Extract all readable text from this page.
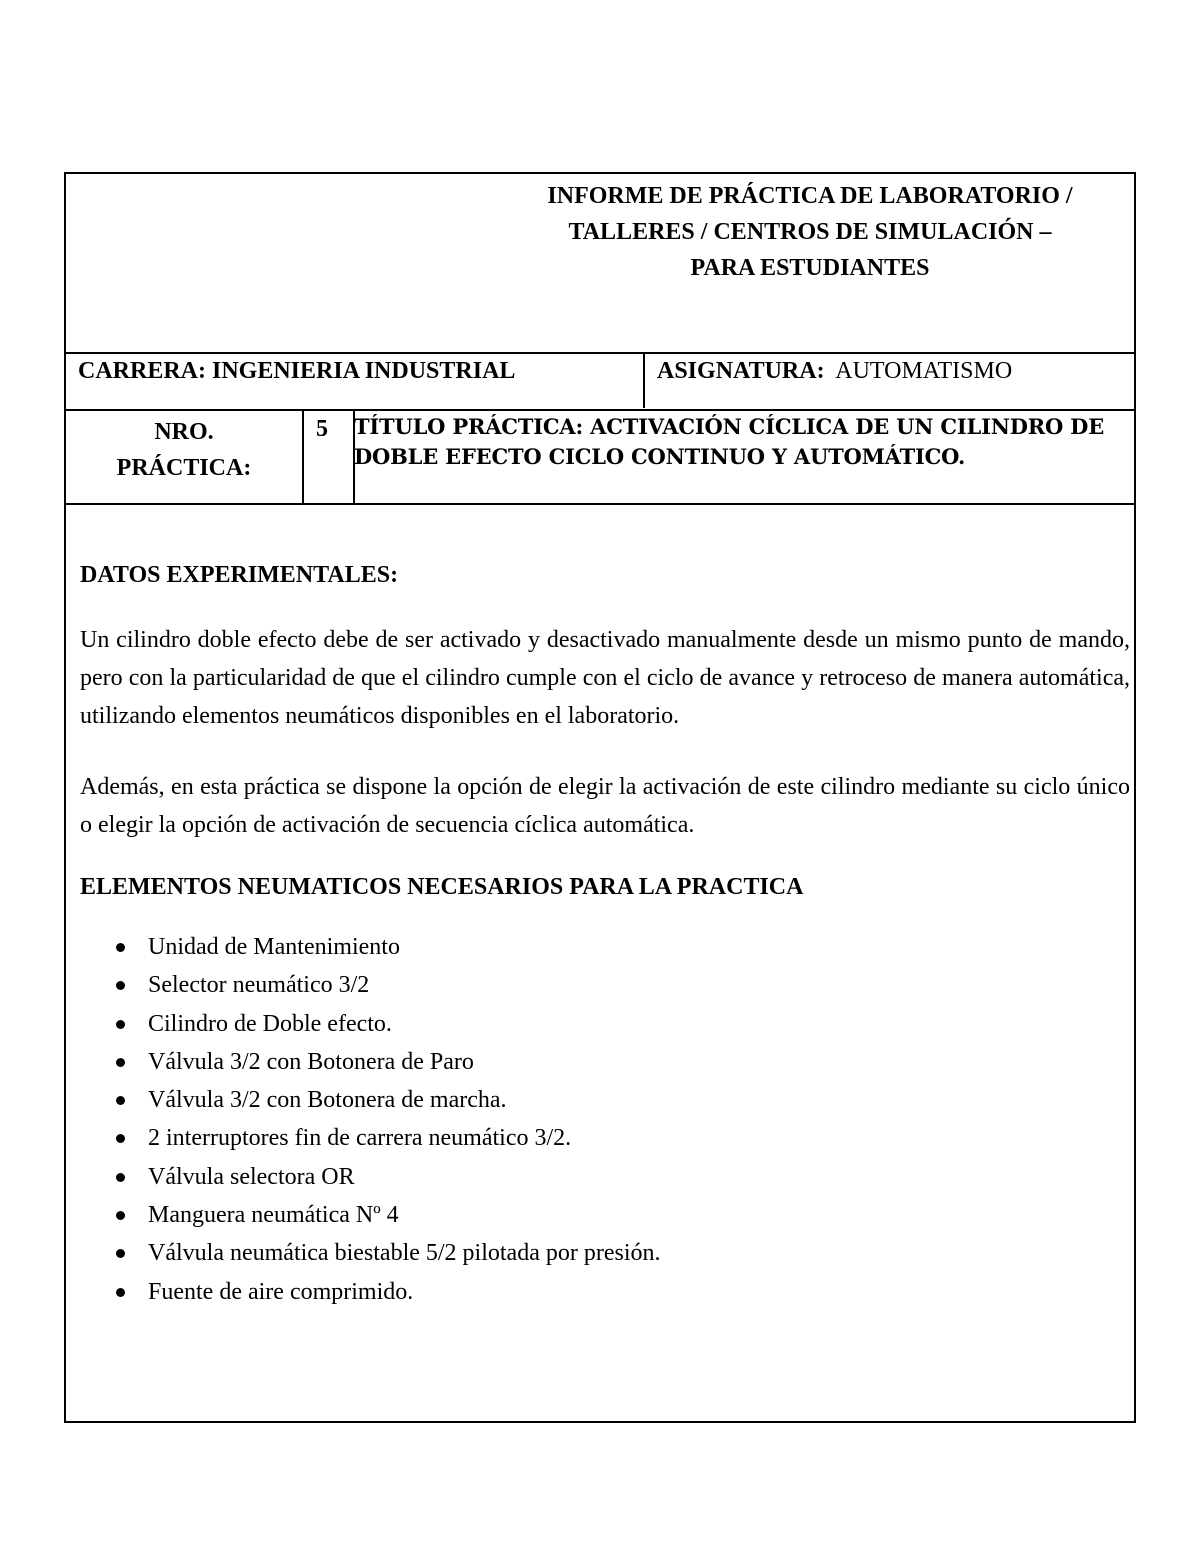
INFORME DE PRÁCTICA DE LABORATORIO /
TALLERES / CENTROS DE SIMULACIÓN –
PARA ESTUDIANTES
CARRERA: INGENIERIA INDUSTRIAL	ASIGNATURA: AUTOMATISMO
NRO.
PRÁCTICA:
5 TÍTULO PRÁCTICA: ACTIVACIÓN CÍCLICA DE UN CILINDRO DE
DOBLE EFECTO CICLO CONTINUO Y AUTOMÁTICO.
DATOS EXPERIMENTALES:
Un cilindro doble efecto debe de ser activado y desactivado manualmente desde un mismo punto de mando, pero con la particularidad de que el cilindro cumple con el ciclo de avance y retroceso de manera automática, utilizando elementos neumáticos disponibles en el laboratorio.
Además, en esta práctica se dispone la opción de elegir la activación de este cilindro mediante su ciclo único o elegir la opción de activación de secuencia cíclica automática.
ELEMENTOS NEUMATICOS NECESARIOS PARA LA PRACTICA
Unidad de Mantenimiento
Selector neumático 3/2
Cilindro de Doble efecto.
Válvula 3/2 con Botonera de Paro
Válvula 3/2 con Botonera de marcha.
2 interruptores fin de carrera neumático 3/2.
Válvula selectora OR
Manguera neumática Nº 4
Válvula neumática biestable 5/2 pilotada por presión.
Fuente de aire comprimido.
